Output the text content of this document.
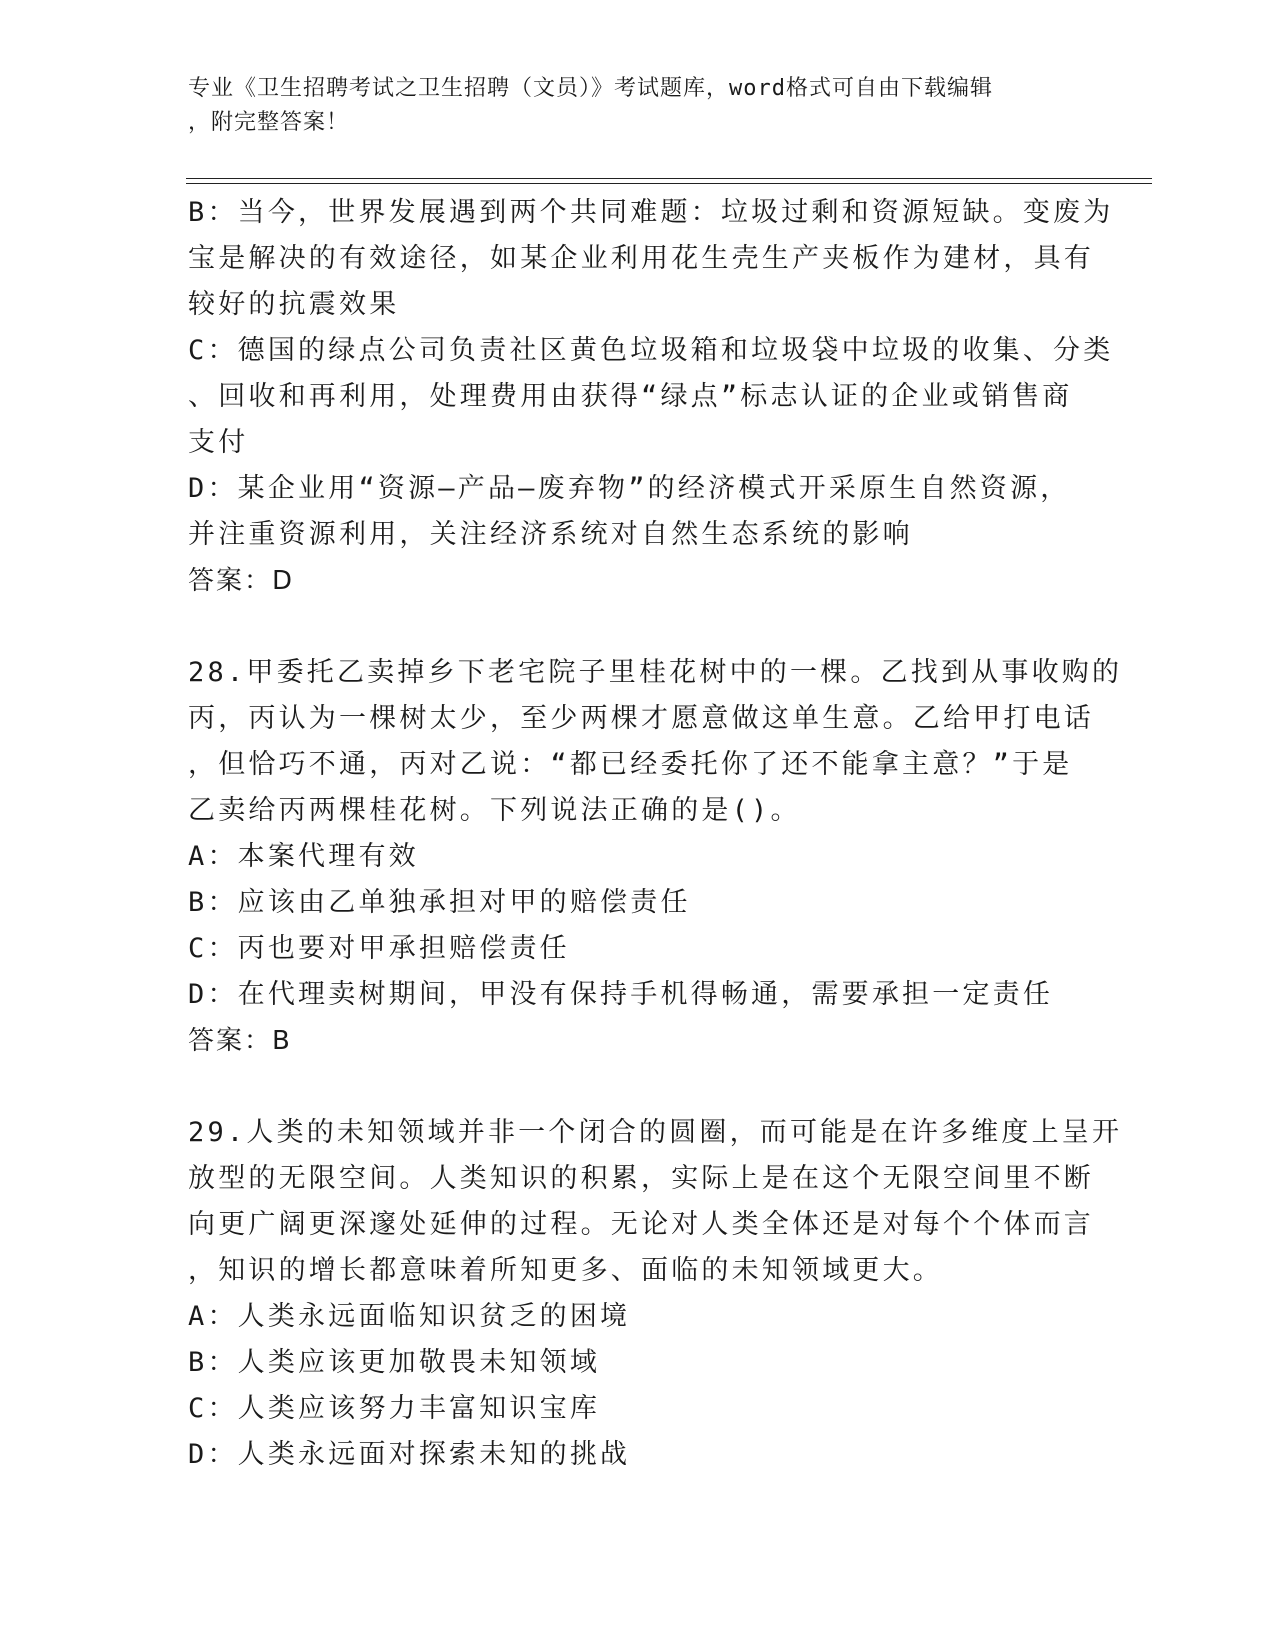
专业《卫生招聘考试之卫生招聘（文员）》考试题库，word格式可自由下载编辑
，附完整答案！
B：当今，世界发展遇到两个共同难题：垃圾过剩和资源短缺。变废为
宝是解决的有效途径，如某企业利用花生壳生产夹板作为建材，具有
较好的抗震效果
C：德国的绿点公司负责社区黄色垃圾箱和垃圾袋中垃圾的收集、分类
、回收和再利用，处理费用由获得“绿点”标志认证的企业或销售商
支付
D：某企业用“资源—产品—废弃物”的经济模式开采原生自然资源，
并注重资源利用，关注经济系统对自然生态系统的影响
答案：D
28.甲委托乙卖掉乡下老宅院子里桂花树中的一棵。乙找到从事收购的
丙，丙认为一棵树太少，至少两棵才愿意做这单生意。乙给甲打电话
，但恰巧不通，丙对乙说：“都已经委托你了还不能拿主意？”于是
乙卖给丙两棵桂花树。下列说法正确的是()。
A：本案代理有效
B：应该由乙单独承担对甲的赔偿责任
C：丙也要对甲承担赔偿责任
D：在代理卖树期间，甲没有保持手机得畅通，需要承担一定责任
答案：B
29.人类的未知领域并非一个闭合的圆圈，而可能是在许多维度上呈开
放型的无限空间。人类知识的积累，实际上是在这个无限空间里不断
向更广阔更深邃处延伸的过程。无论对人类全体还是对每个个体而言
，知识的增长都意味着所知更多、面临的未知领域更大。
A：人类永远面临知识贫乏的困境
B：人类应该更加敬畏未知领域
C：人类应该努力丰富知识宝库
D：人类永远面对探索未知的挑战
